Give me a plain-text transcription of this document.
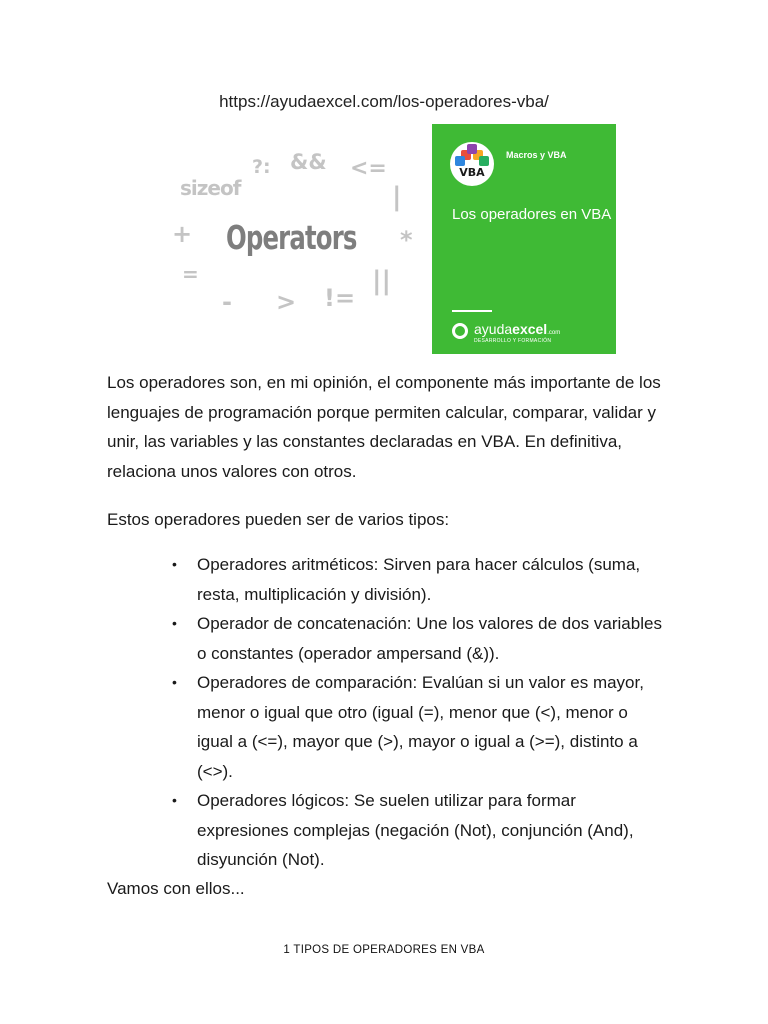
https://ayudaexcel.com/los-operadores-vba/
?: && <=
sizeof	|
+	*
=	||
- > !=
Operators
VBA
Macros y VBA
Los operadores en VBA
ayudaexcel.com
DESARROLLO Y FORMACIÓN

Los operadores son, en mi opinión, el componente más importante de los lenguajes de programación porque permiten calcular, comparar, validar y unir, las variables y las constantes declaradas en VBA. En definitiva, relaciona unos valores con otros.

Estos operadores pueden ser de varios tipos:

• Operadores aritméticos: Sirven para hacer cálculos (suma, resta, multiplicación y división).
• Operador de concatenación: Une los valores de dos variables o constantes (operador ampersand (&)).
• Operadores de comparación: Evalúan si un valor es mayor, menor o igual que otro (igual (=), menor que (<), menor o igual a (<=), mayor que (>), mayor o igual a (>=), distinto a (<>).
• Operadores lógicos: Se suelen utilizar para formar expresiones complejas (negación (Not), conjunción (And), disyunción (Not).

Vamos con ellos...

1 TIPOS DE OPERADORES EN VBA
